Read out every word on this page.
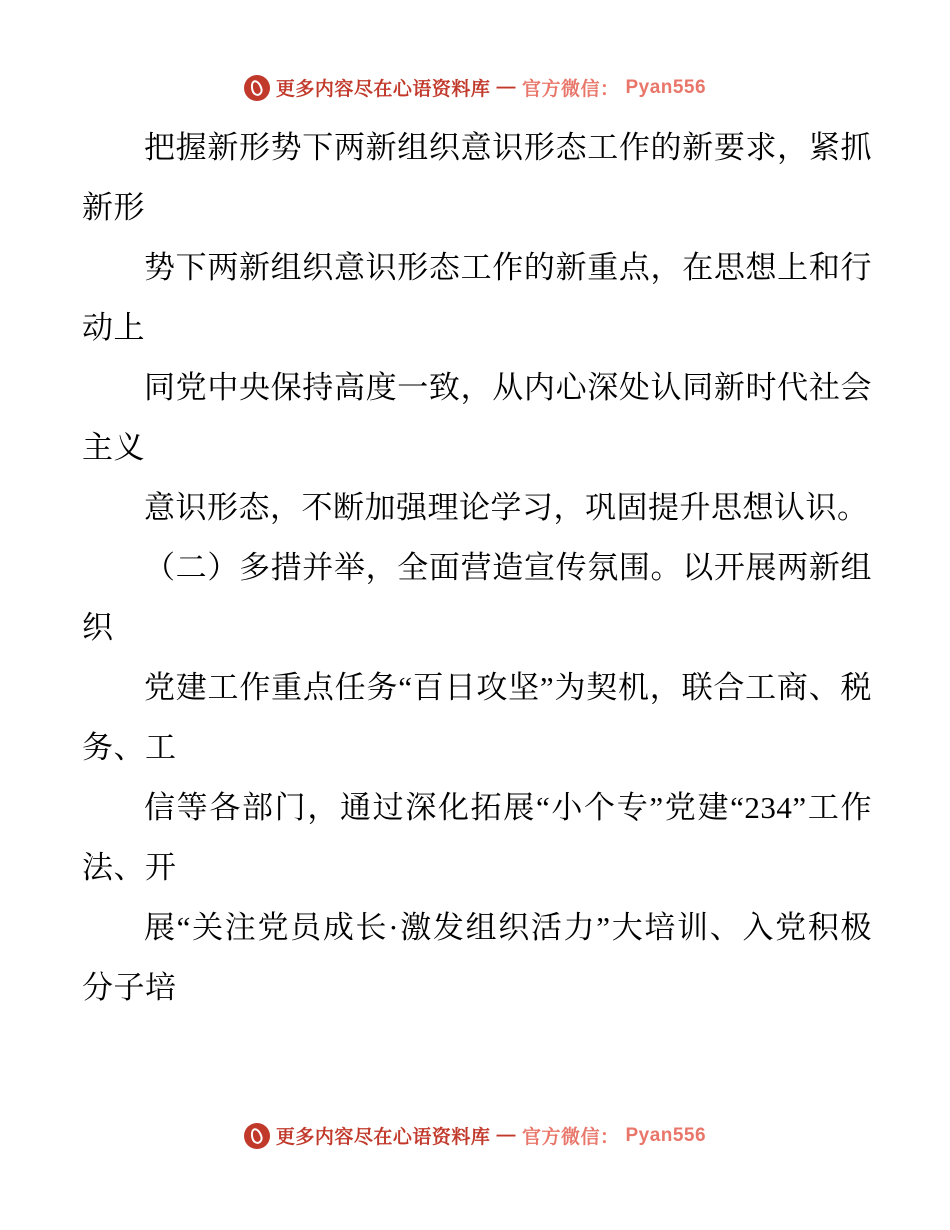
更多内容尽在心语资料库 — 官方微信： Pyan556

把握新形势下两新组织意识形态工作的新要求，紧抓新形

势下两新组织意识形态工作的新重点，在思想上和行动上

同党中央保持高度一致，从内心深处认同新时代社会主义

意识形态，不断加强理论学习，巩固提升思想认识。

（二）多措并举，全面营造宣传氛围。以开展两新组织

党建工作重点任务“百日攻坚”为契机，联合工商、税务、工

信等各部门，通过深化拓展“小个专”党建“234”工作法、开

展“关注党员成长·激发组织活力”大培训、入党积极分子培

更多内容尽在心语资料库 — 官方微信： Pyan556
